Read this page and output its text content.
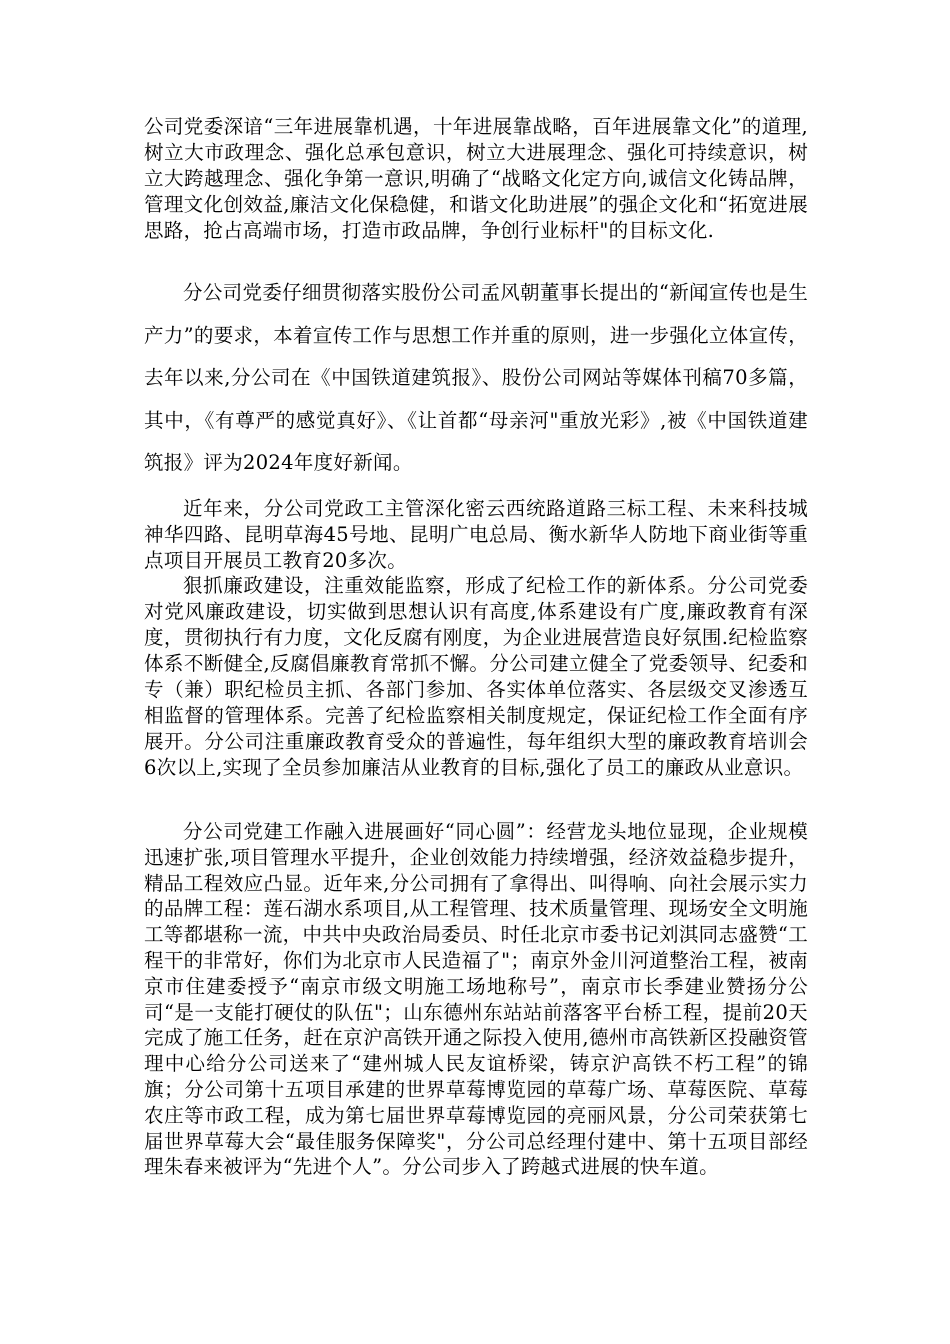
公司党委深谙“三年进展靠机遇，十年进展靠战略，百年进展靠文化”的道理,树立大市政理念、强化总承包意识，树立大进展理念、强化可持续意识，树立大跨越理念、强化争第一意识,明确了“战略文化定方向,诚信文化铸品牌，管理文化创效益,廉洁文化保稳健，和谐文化助进展”的强企文化和“拓宽进展思路，抢占高端市场，打造市政品牌，争创行业标杆"的目标文化.

分公司党委仔细贯彻落实股份公司孟风朝董事长提出的“新闻宣传也是生产力”的要求，本着宣传工作与思想工作并重的原则，进一步强化立体宣传，去年以来,分公司在《中国铁道建筑报》、股份公司网站等媒体刊稿70多篇，其中，《有尊严的感觉真好》、《让首都“母亲河"重放光彩》,被《中国铁道建筑报》评为2024年度好新闻。

近年来，分公司党政工主管深化密云西统路道路三标工程、未来科技城神华四路、昆明草海45号地、昆明广电总局、衡水新华人防地下商业街等重点项目开展员工教育20多次。

狠抓廉政建设，注重效能监察，形成了纪检工作的新体系。分公司党委对党风廉政建设，切实做到思想认识有高度,体系建设有广度,廉政教育有深度，贯彻执行有力度，文化反腐有刚度，为企业进展营造良好氛围.纪检监察体系不断健全,反腐倡廉教育常抓不懈。分公司建立健全了党委领导、纪委和专（兼）职纪检员主抓、各部门参加、各实体单位落实、各层级交叉渗透互相监督的管理体系。完善了纪检监察相关制度规定，保证纪检工作全面有序展开。分公司注重廉政教育受众的普遍性，每年组织大型的廉政教育培训会6次以上,实现了全员参加廉洁从业教育的目标,强化了员工的廉政从业意识。

分公司党建工作融入进展画好“同心圆”：经营龙头地位显现，企业规模迅速扩张,项目管理水平提升，企业创效能力持续增强，经济效益稳步提升，精品工程效应凸显。近年来,分公司拥有了拿得出、叫得响、向社会展示实力的品牌工程：莲石湖水系项目,从工程管理、技术质量管理、现场安全文明施工等都堪称一流，中共中央政治局委员、时任北京市委书记刘淇同志盛赞“工程干的非常好，你们为北京市人民造福了"；南京外金川河道整治工程，被南京市住建委授予“南京市级文明施工场地称号”，南京市长季建业赞扬分公司“是一支能打硬仗的队伍"；山东德州东站站前落客平台桥工程，提前20天完成了施工任务，赶在京沪高铁开通之际投入使用,德州市高铁新区投融资管理中心给分公司送来了“建州城人民友谊桥梁，铸京沪高铁不朽工程”的锦旗；分公司第十五项目承建的世界草莓博览园的草莓广场、草莓医院、草莓农庄等市政工程，成为第七届世界草莓博览园的亮丽风景，分公司荣获第七届世界草莓大会“最佳服务保障奖"，分公司总经理付建中、第十五项目部经理朱春来被评为“先进个人”。分公司步入了跨越式进展的快车道。
